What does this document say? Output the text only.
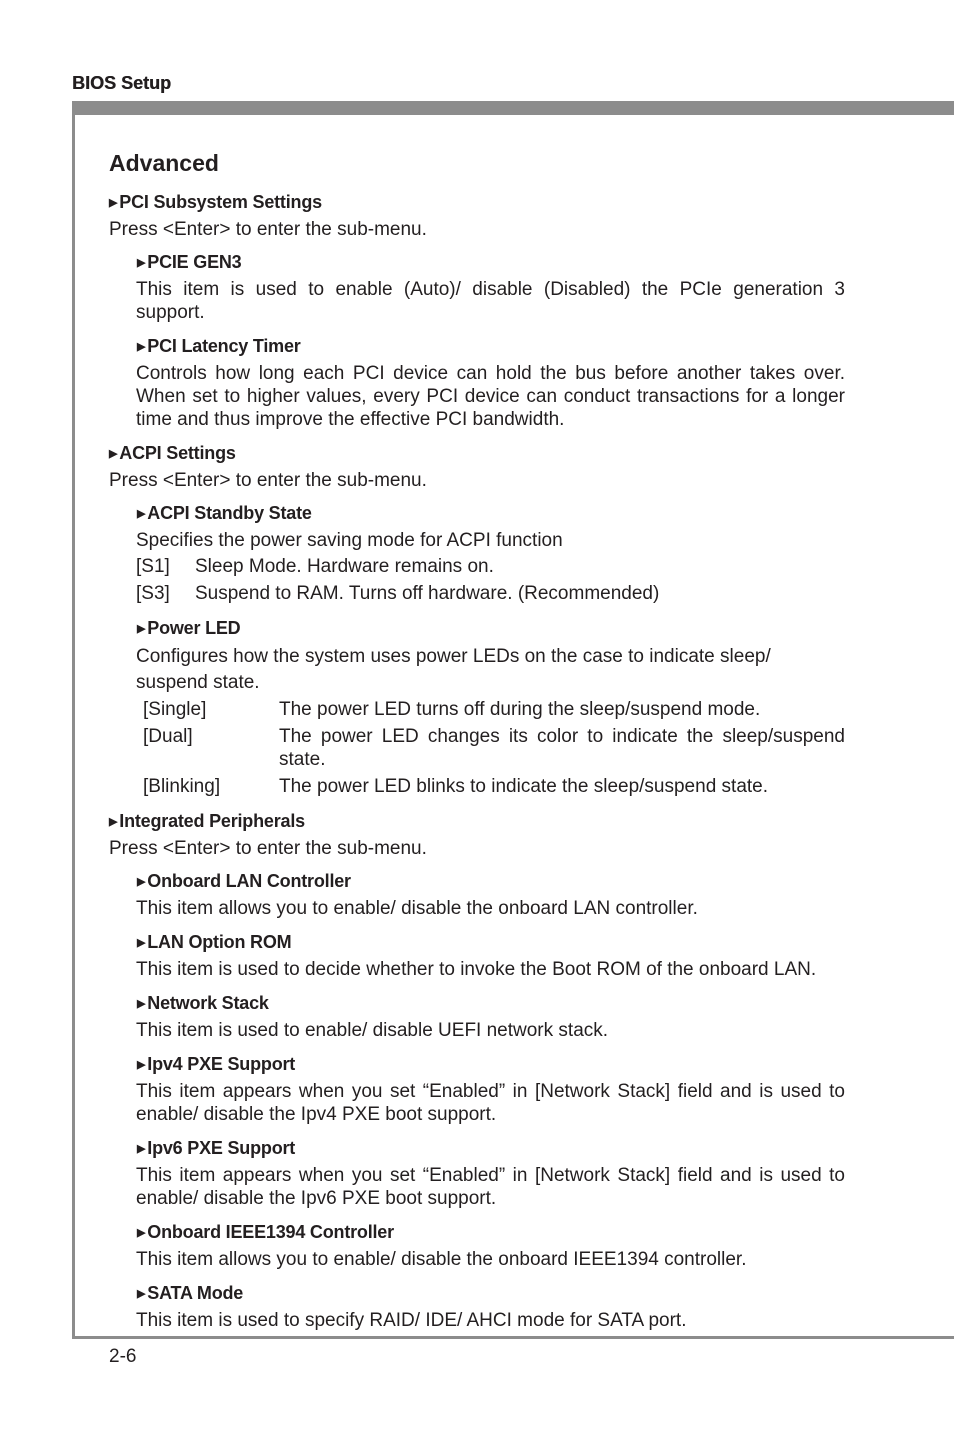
BIOS Setup
2-6
Advanced
▶ PCI Subsystem Settings

Press <Enter> to enter the sub-menu.

▶ PCIE GEN3

This item is used to enable (Auto)/ disable (Disabled) the PCIe generation 3 support.

▶ PCI Latency Timer

Controls how long each PCI device can hold the bus before another takes over. When set to higher values, every PCI device can conduct transactions for a longer time and thus improve the effective PCI bandwidth.

▶ ACPI Settings

Press <Enter> to enter the sub-menu.

▶ ACPI Standby State

Specifies the power saving mode for ACPI function

[S1]	Sleep Mode. Hardware remains on.
[S3]	Suspend to RAM. Turns off hardware. (Recommended)
▶ Power LED

Configures how the system uses power LEDs on the case to indicate sleep/ suspend state.

[Single]	The power LED turns off during the sleep/suspend mode.
[Dual]	The power LED changes its color to indicate the sleep/suspend state.
[Blinking]	The power LED blinks to indicate the sleep/suspend state.
▶ Integrated Peripherals

Press <Enter> to enter the sub-menu.

▶ Onboard LAN Controller

This item allows you to enable/ disable the onboard LAN controller.

▶ LAN Option ROM

This item is used to decide whether to invoke the Boot ROM of the onboard LAN.

▶ Network Stack

This item is used to enable/ disable UEFI network stack.

▶ Ipv4 PXE Support

This item appears when you set “Enabled” in [Network Stack] field and is used to enable/ disable the Ipv4 PXE boot support.

▶ Ipv6 PXE Support

This item appears when you set “Enabled” in [Network Stack] field and is used to enable/ disable the Ipv6 PXE boot support.

▶ Onboard IEEE1394 Controller

This item allows you to enable/ disable the onboard IEEE1394 controller.

▶ SATA Mode

This item is used to specify RAID/ IDE/ AHCI mode for SATA port.
